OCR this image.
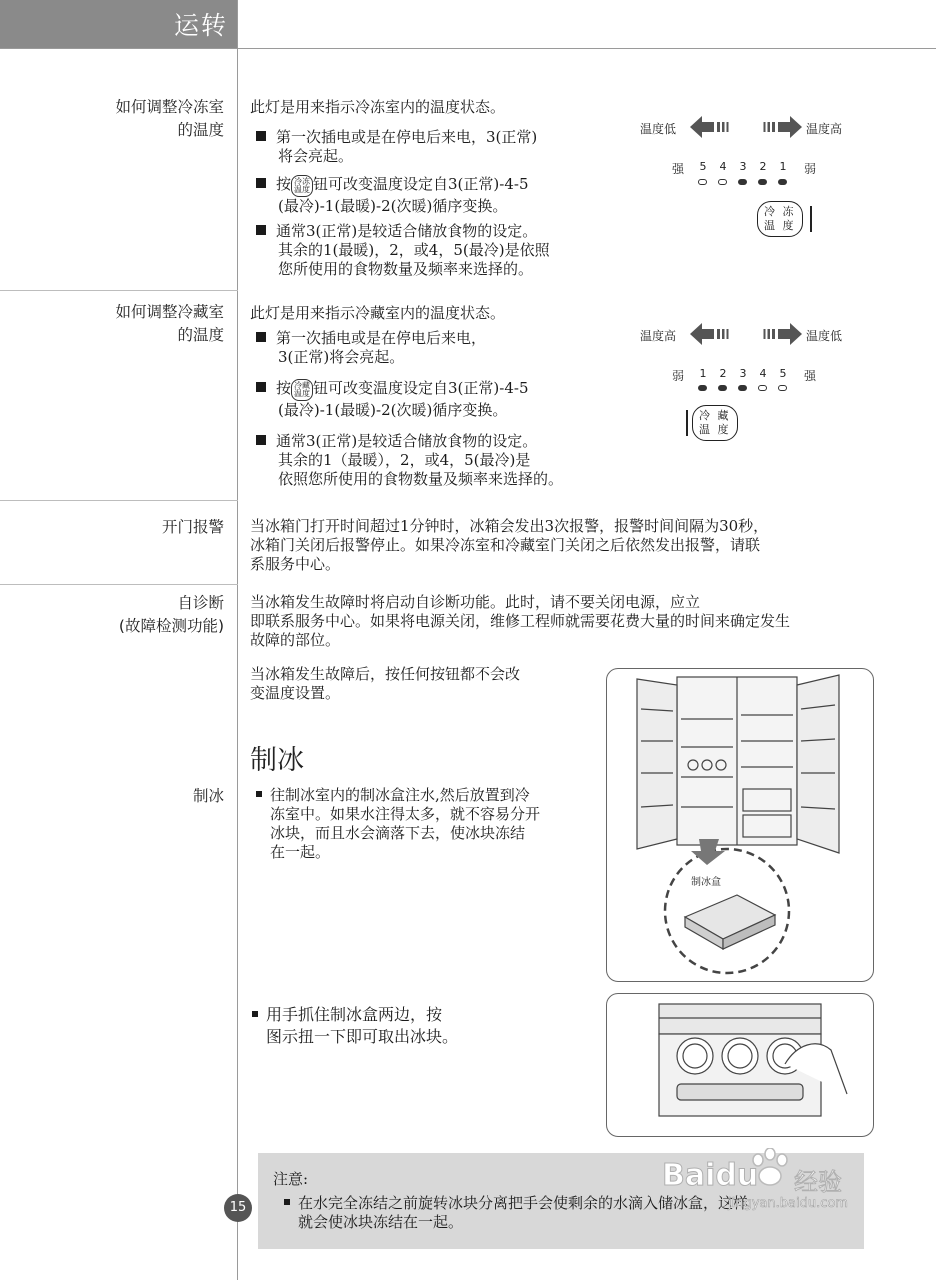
运转
如何调整冷冻室
的温度
此灯是用来指示冷冻室内的温度状态。
第一次插电或是在停电后来电，3(正常)
将会亮起。
按 冷冻
温度 钮可改变温度设定自3(正常)-4-5
(最冷)-1(最暖)-2(次暖)循序变换。
通常3(正常)是较适合储放食物的设定。
其余的1(最暖)，2，或4，5(最冷)是依照
您所使用的食物数量及频率来选择的。
温度低	温度高
强	弱
5	4	3	2	1
冷 冻
温 度
如何调整冷藏室
的温度
此灯是用来指示冷藏室内的温度状态。
第一次插电或是在停电后来电，
3(正常)将会亮起。
按 冷藏
温度 钮可改变温度设定自3(正常)-4-5
(最冷)-1(最暖)-2(次暖)循序变换。
通常3(正常)是较适合储放食物的设定。
其余的1（最暖），2，或4，5(最冷)是
依照您所使用的食物数量及频率来选择的。
温度高	温度低
弱	强
1	2	3	4	5
冷 藏
温 度
开门报警 当冰箱门打开时间超过1分钟时，冰箱会发出3次报警，报警时间间隔为30秒，
冰箱门关闭后报警停止。如果冷冻室和冷藏室门关闭之后依然发出报警，请联
系服务中心。
自诊断
(故障检测功能)
当冰箱发生故障时将启动自诊断功能。此时，请不要关闭电源，应立
即联系服务中心。如果将电源关闭，维修工程师就需要花费大量的时间来确定发生
故障的部位。
当冰箱发生故障后，按任何按钮都不会改
变温度设置。
制冰
制冰	往制冰室内的制冰盒注水,然后放置到冷
冻室中。如果水注得太多，就不容易分开
冰块，而且水会滴落下去，使冰块冻结
在一起。
用手抓住制冰盒两边，按
图示扭一下即可取出冰块。
制冰盒
注意:
在水完全冻结之前旋转冰块分离把手会使剩余的水滴入储冰盒，这样
就会使冰块冻结在一起。
15
Baidu 经验
jingyan.baidu.com
